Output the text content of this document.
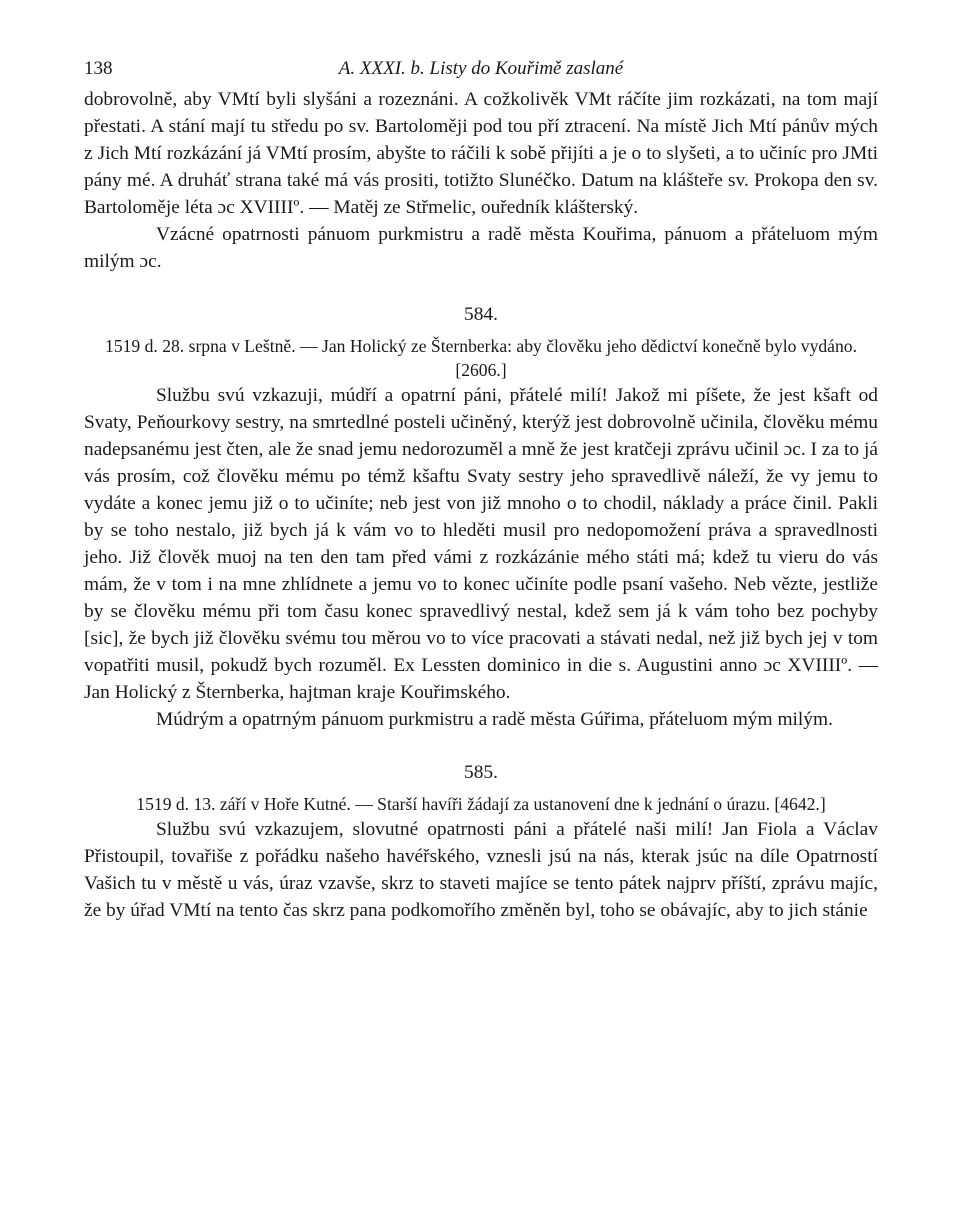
138	A. XXXI. b. Listy do Kouřimě zaslané

dobrovolně, aby VMtí byli slyšáni a rozeznáni. A cožkolivěk VMt ráčíte jim rozkázati, na tom mají přestati. A stání mají tu středu po sv. Bartoloměji pod tou pří ztracení. Na místě Jich Mtí pánův mých z Jich Mtí rozkázání já VMtí prosím, abyšte to ráčili k sobě přijíti a je o to slyšeti, a to učiníc pro JMti pány mé. A druháť strana také má vás prositi, totižto Slunéčko. Datum na klášteře sv. Prokopa den sv. Bartoloměje léta ɔc XVIIIIº. — Matěj ze Střmelic, ouředník klášterský.

Vzácné opatrnosti pánuom purkmistru a radě města Kouřima, pánuom a přáteluom mým milým ɔc.

584.

1519 d. 28. srpna v Leštně. — Jan Holický ze Šternberka: aby člověku jeho dědictví konečně bylo vydáno. [2606.]

Službu svú vzkazuji, múdří a opatrní páni, přátelé milí! Jakož mi píšete, že jest kšaft od Svaty, Peňourkovy sestry, na smrtedlné posteli učiněný, kterýž jest dobrovolně učinila, člověku mému nadepsanému jest čten, ale že snad jemu nedorozuměl a mně že jest kratčeji zprávu učinil ɔc. I za to já vás prosím, což člověku mému po témž kšaftu Svaty sestry jeho spravedlivě náleží, že vy jemu to vydáte a konec jemu již o to učiníte; neb jest von již mnoho o to chodil, náklady a práce činil. Pakli by se toho nestalo, již bych já k vám vo to hleděti musil pro nedopomožení práva a spravedlnosti jeho. Již člověk muoj na ten den tam před vámi z rozkázánie mého státi má; kdež tu vieru do vás mám, že v tom i na mne zhlídnete a jemu vo to konec učiníte podle psaní vašeho. Neb vězte, jestliže by se člověku mému při tom času konec spravedlivý nestal, kdež sem já k vám toho bez pochyby [sic], že bych již člověku svému tou měrou vo to více pracovati a stávati nedal, než již bych jej v tom vopatřiti musil, pokudž bych rozuměl. Ex Lessten dominico in die s. Augustini anno ɔc XVIIIIº. — Jan Holický z Šternberka, hajtman kraje Kouřimského.

Múdrým a opatrným pánuom purkmistru a radě města Gúřima, přáteluom mým milým.

585.

1519 d. 13. září v Hoře Kutné. — Starší havíři žádají za ustanovení dne k jednání o úrazu. [4642.]

Službu svú vzkazujem, slovutné opatrnosti páni a přátelé naši milí! Jan Fiola a Václav Přistoupil, tovařiše z pořádku našeho havéřského, vznesli jsú na nás, kterak jsúc na díle Opatrností Vašich tu v městě u vás, úraz vzavše, skrz to staveti majíce se tento pátek najprv příští, zprávu majíc, že by úřad VMtí na tento čas skrz pana podkomořího změněn byl, toho se obávajíc, aby to jich stánie
